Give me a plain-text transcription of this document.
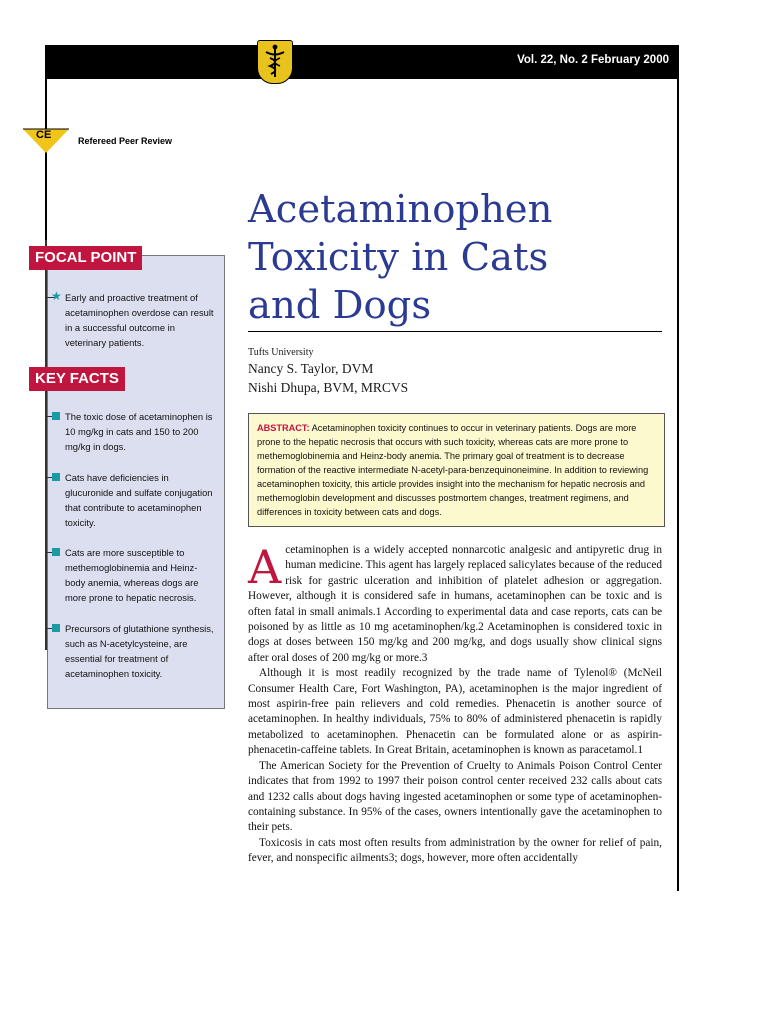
Vol. 22, No. 2 February 2000
CE	Refereed Peer Review
Acetaminophen
Toxicity in Cats
and Dogs
Tufts University
Nancy S. Taylor, DVM
Nishi Dhupa, BVM, MRCVS
ABSTRACT: Acetaminophen toxicity continues to occur in veterinary patients. Dogs are more prone to the hepatic necrosis that occurs with such toxicity, whereas cats are more prone to methemoglobinemia and Heinz-body anemia. The primary goal of treatment is to decrease formation of the reactive intermediate N-acetyl-para-benzequinoneimine. In addition to reviewing acetaminophen toxicity, this article provides insight into the mechanism for hepatic necrosis and methemoglobin development and discusses postmortem changes, treatment regimens, and differences in toxicity between cats and dogs.
FOCAL POINT
★ Early and proactive treatment of acetaminophen overdose can result in a successful outcome in veterinary patients.
KEY FACTS
The toxic dose of acetaminophen is 10 mg/kg in cats and 150 to 200 mg/kg in dogs.
Cats have deficiencies in glucuronide and sulfate conjugation that contribute to acetaminophen toxicity.
Cats are more susceptible to methemoglobinemia and Heinz-body anemia, whereas dogs are more prone to hepatic necrosis.
Precursors of glutathione synthesis, such as N-acetylcysteine, are essential for treatment of acetaminophen toxicity.

Acetaminophen is a widely accepted nonnarcotic analgesic and antipyretic drug in human medicine. This agent has largely replaced salicylates because of the reduced risk for gastric ulceration and inhibition of platelet adhesion or aggregation. However, although it is considered safe in humans, acetaminophen can be toxic and is often fatal in small animals.1 According to experimental data and case reports, cats can be poisoned by as little as 10 mg acetaminophen/kg.2 Acetaminophen is considered toxic in dogs at doses between 150 mg/kg and 200 mg/kg, and dogs usually show clinical signs after oral doses of 200 mg/kg or more.3

Although it is most readily recognized by the trade name of Tylenol® (McNeil Consumer Health Care, Fort Washington, PA), acetaminophen is the major ingredient of most aspirin-free pain relievers and cold remedies. Phenacetin is another source of acetaminophen. In healthy individuals, 75% to 80% of administered phenacetin is rapidly metabolized to acetaminophen. Phenacetin can be formulated alone or as aspirin-phenacetin-caffeine tablets. In Great Britain, acetaminophen is known as paracetamol.1

The American Society for the Prevention of Cruelty to Animals Poison Control Center indicates that from 1992 to 1997 their poison control center received 232 calls about cats and 1232 calls about dogs having ingested acetaminophen or some type of acetaminophen-containing substance. In 95% of the cases, owners intentionally gave the acetaminophen to their pets.

Toxicosis in cats most often results from administration by the owner for relief of pain, fever, and nonspecific ailments3; dogs, however, more often accidentally
